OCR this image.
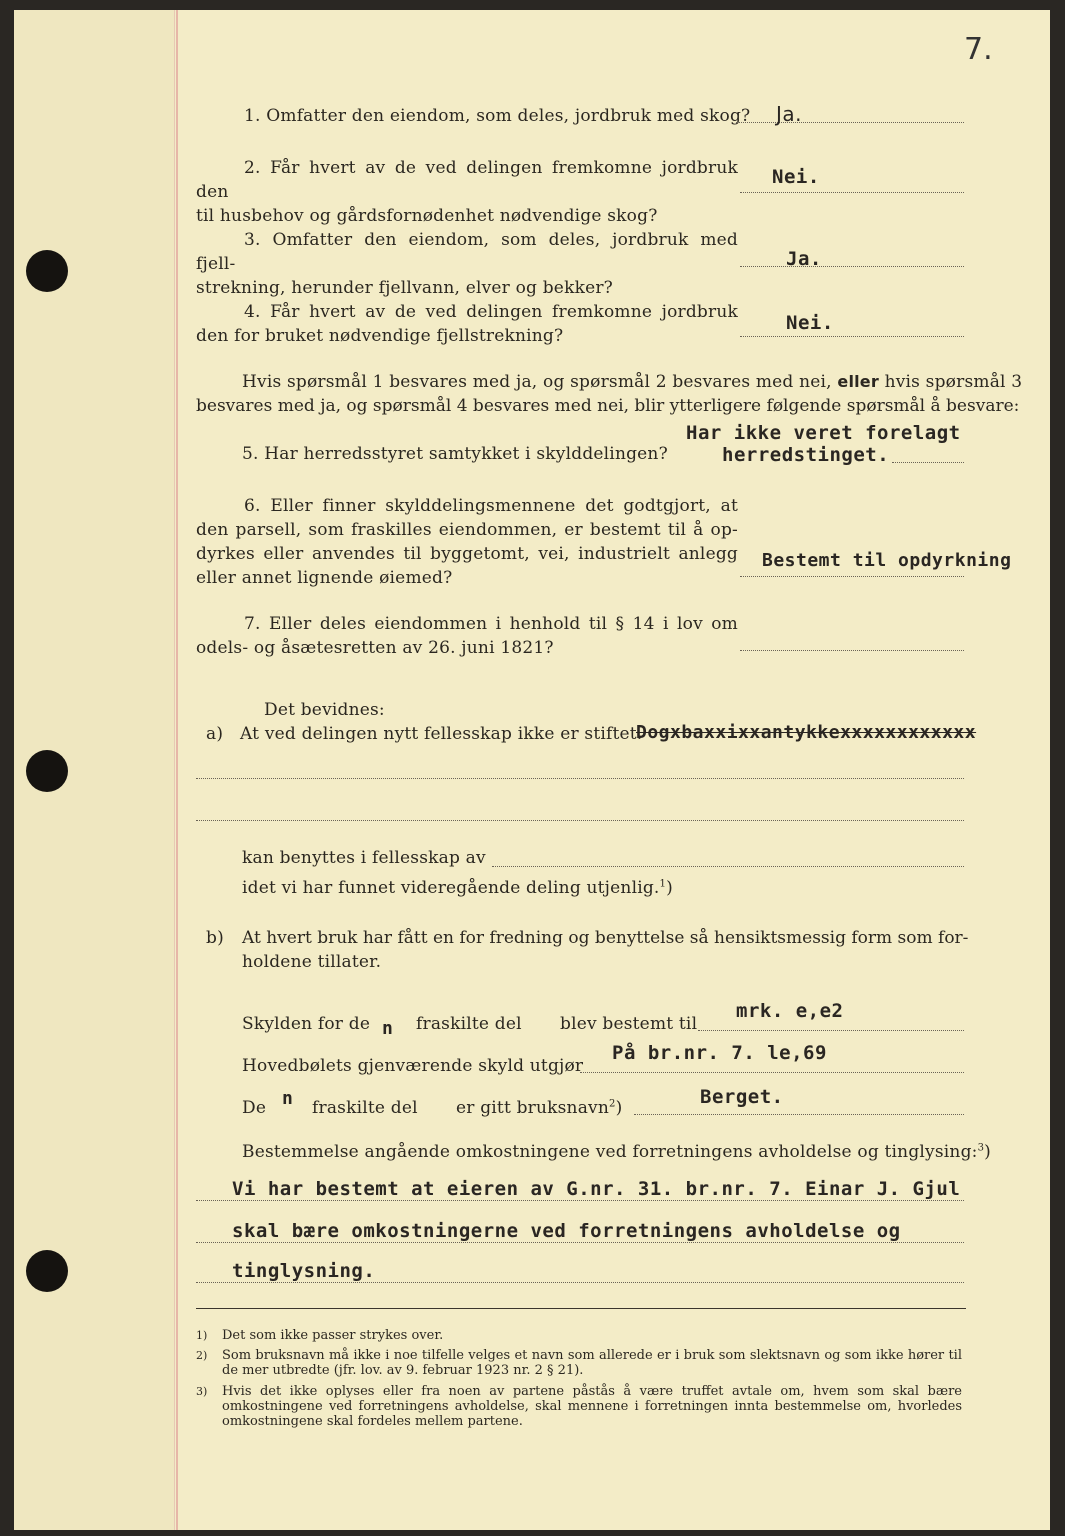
7.
1. Omfatter den eiendom, som deles, jordbruk med skog? Ja.
2. Får hvert av de ved delingen fremkomne jordbruk den
til husbehov og gårdsfornødenhet nødvendige skog?
Nei.
3. Omfatter den eiendom, som deles, jordbruk med fjell-
strekning, herunder fjellvann, elver og bekker?
Ja.
4. Får hvert av de ved delingen fremkomne jordbruk
den for bruket nødvendige fjellstrekning?
Nei.
Hvis spørsmål 1 besvares med ja, og spørsmål 2 besvares med nei, eller hvis spørsmål 3
besvares med ja, og spørsmål 4 besvares med nei, blir ytterligere følgende spørsmål å besvare:
Har ikke veret forelagt
5. Har herredsstyret samtykket i skylddelingen?	herredstinget.
6. Eller finner skylddelingsmennene det godtgjort, at
den parsell, som fraskilles eiendommen, er bestemt til å op-
dyrkes eller anvendes til byggetomt, vei, industrielt anlegg
eller annet lignende øiemed?
Bestemt til opdyrkning
7. Eller deles eiendommen i henhold til § 14 i lov om
odels- og åsætesretten av 26. juni 1821?
Det bevidnes:
a) At ved delingen nytt fellesskap ikke er stiftet.
Dogxbaxxixxantykkexxxxxxxxxxxx
kan benyttes i fellesskap av
idet vi har funnet videregående deling utjenlig.$^1$)
b) At hvert bruk har fått en for fredning og benyttelse så hensiktsmessig form som for-
holdene tillater.
Skylden for de n fraskilte del blev bestemt til
mrk. e,e2
Hovedbølets gjenværende skyld utgjør
På br.nr. 7. le,69
De n fraskilte del er gitt bruksnavn$^2$)	Berget.
Bestemmelse angående omkostningene ved forretningens avholdelse og tinglysing:$^3$)
Vi har bestemt at eieren av G.nr. 31. br.nr. 7. Einar J. Gjul
skal bære omkostningerne ved forretningens avholdelse og
tinglysning.
1) Det som ikke passer strykes over.
2) Som bruksnavn må ikke i noe tilfelle velges et navn som allerede er i bruk som slektsnavn og som ikke hører til de mer utbredte (jfr. lov. av 9. februar 1923 nr. 2 § 21).
3) Hvis det ikke oplyses eller fra noen av partene påstås å være truffet avtale om, hvem som skal bære omkostningene ved forretningens avholdelse, skal mennene i forretningen innta bestemmelse om, hvorledes omkostningene skal fordeles mellem partene.
